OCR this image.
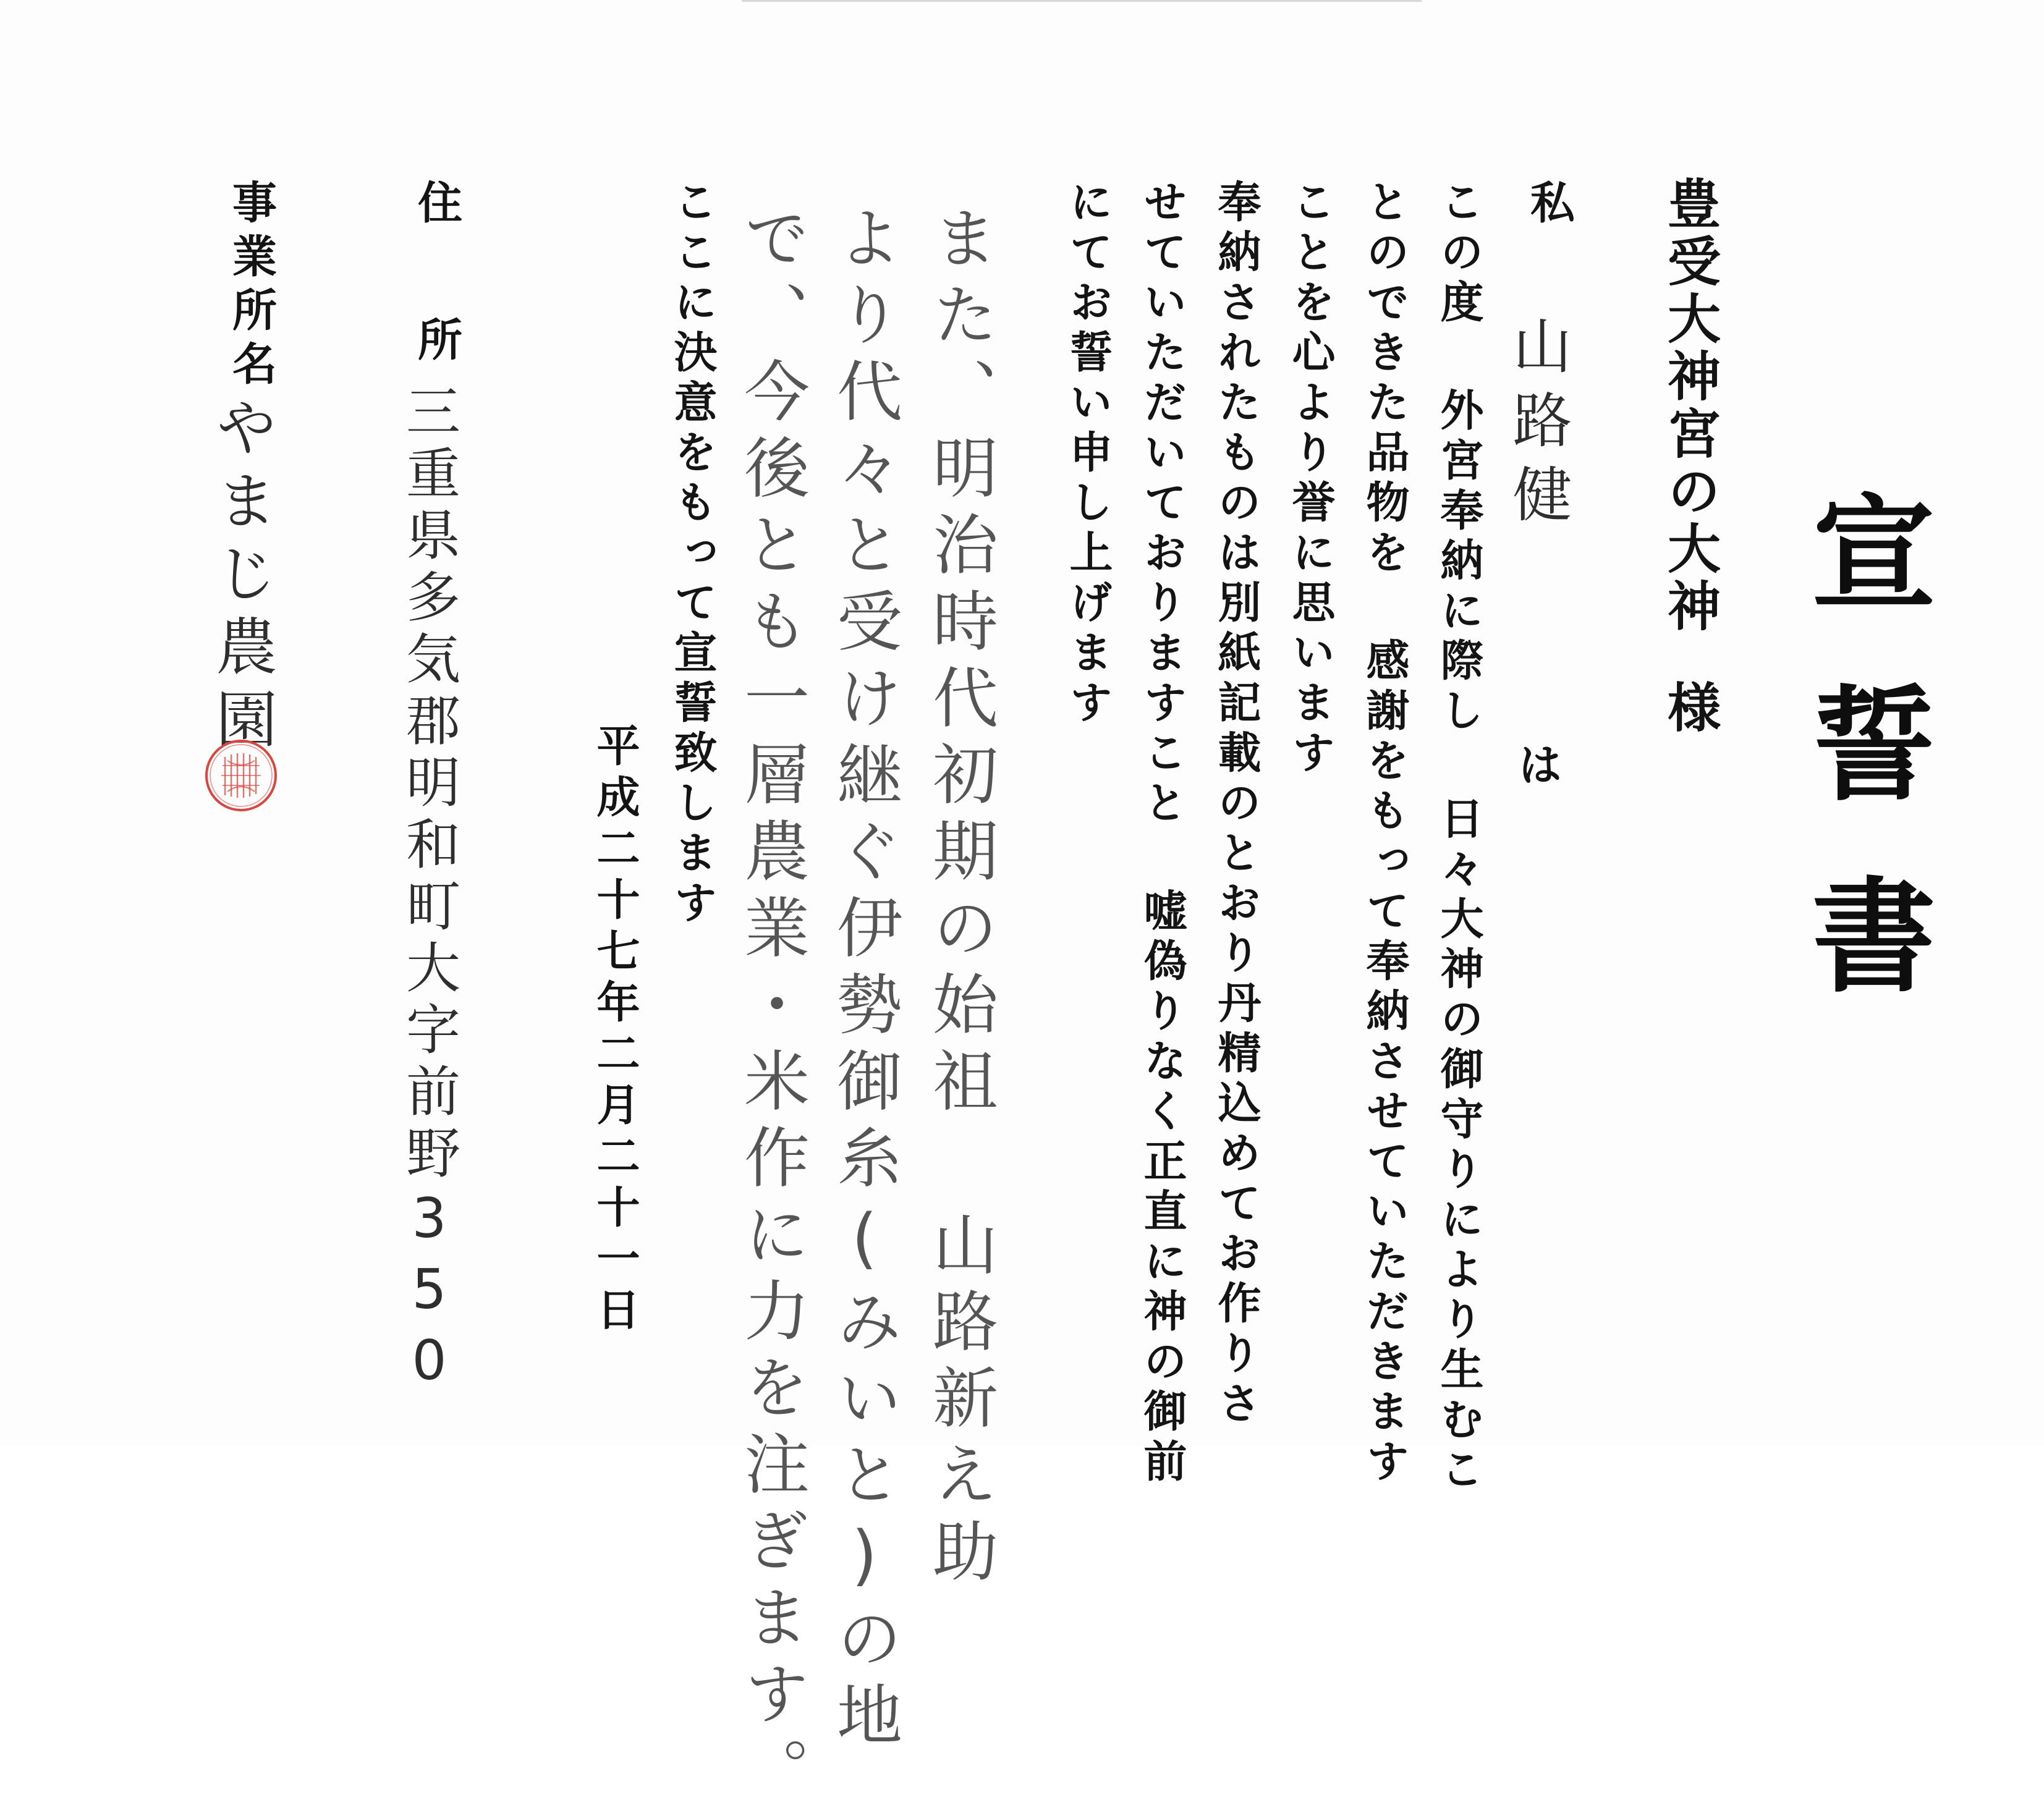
宣誓書
豊受大神宮の大神
様
私
山路健
は
この度 外宮奉納に際し 日々大神の御守りにより生むこ
とのできた品物を 感謝をもって奉納させていただきます
ことを心より誉に思います
奉納されたものは別紙記載のとおり丹精込めてお作りさ
せていただいておりますこと 嘘偽りなく正直に神の御前
にてお誓い申し上げます
また、明治時代初期の始祖 山路新え助
より代々と受け継ぐ伊勢御糸(みいと)の地
で、今後とも一層農業・米作に力を注ぎます。
ここに決意をもって宣誓致します
平成二十七年二月二十一日
住所
三重県多気郡明和町大字前野350
事業所名
やまじ農園
